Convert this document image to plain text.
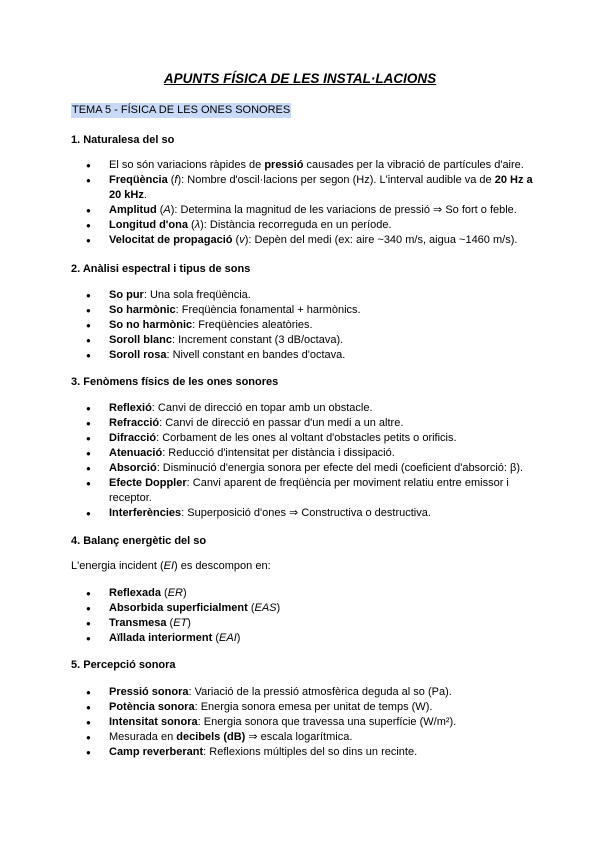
APUNTS FÍSICA DE LES INSTAL·LACIONS
TEMA 5 - FÍSICA DE LES ONES SONORES
1. Naturalesa del so
● El so són variacions ràpides de pressió causades per la vibració de partícules d'aire.
● Freqüència (f): Nombre d'oscil·lacions per segon (Hz). L'interval audible va de 20 Hz a 20 kHz.
● Amplitud (A): Determina la magnitud de les variacions de pressió ⇒ So fort o feble.
● Longitud d'ona (λ): Distància recorreguda en un període.
● Velocitat de propagació (v): Depèn del medi (ex: aire ~340 m/s, aigua ~1460 m/s).
2. Anàlisi espectral i tipus de sons
● So pur: Una sola freqüència.
● So harmònic: Freqüència fonamental + harmònics.
● So no harmònic: Freqüències aleatòries.
● Soroll blanc: Increment constant (3 dB/octava).
● Soroll rosa: Nivell constant en bandes d'octava.
3. Fenòmens físics de les ones sonores
● Reflexió: Canvi de direcció en topar amb un obstacle.
● Refracció: Canvi de direcció en passar d'un medi a un altre.
● Difracció: Corbament de les ones al voltant d'obstacles petits o orificis.
● Atenuació: Reducció d'intensitat per distància i dissipació.
● Absorció: Disminució d'energia sonora per efecte del medi (coeficient d'absorció: β).
● Efecte Doppler: Canvi aparent de freqüència per moviment relatiu entre emissor i receptor.
● Interferències: Superposició d'ones ⇒ Constructiva o destructiva.
4. Balanç energètic del so
L'energia incident (EI) es descompon en:
● Reflexada (ER)
● Absorbida superficialment (EAS)
● Transmesa (ET)
● Aïllada interiorment (EAI)
5. Percepció sonora
● Pressió sonora: Variació de la pressió atmosfèrica deguda al so (Pa).
● Potència sonora: Energia sonora emesa per unitat de temps (W).
● Intensitat sonora: Energia sonora que travessa una superfície (W/m²).
● Mesurada en decibels (dB) ⇒ escala logarítmica.
● Camp reverberant: Reflexions múltiples del so dins un recinte.
